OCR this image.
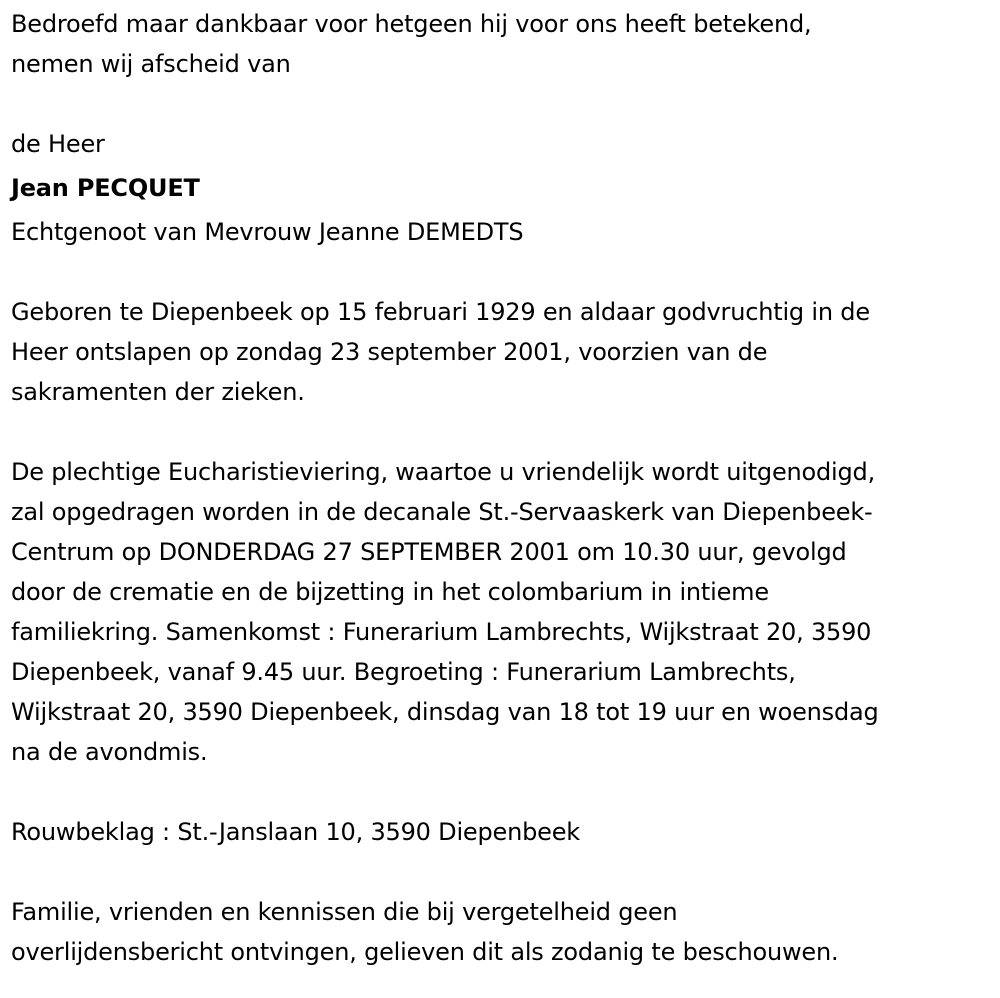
Bedroefd maar dankbaar voor hetgeen hij voor ons heeft betekend,
nemen wij afscheid van
de Heer
Jean PECQUET
Echtgenoot van Mevrouw Jeanne DEMEDTS
Geboren te Diepenbeek op 15 februari 1929 en aldaar godvruchtig in de
Heer ontslapen op zondag 23 september 2001, voorzien van de
sakramenten der zieken.
De plechtige Eucharistieviering, waartoe u vriendelijk wordt uitgenodigd,
zal opgedragen worden in de decanale St.-Servaaskerk van Diepenbeek-
Centrum op DONDERDAG 27 SEPTEMBER 2001 om 10.30 uur, gevolgd
door de crematie en de bijzetting in het colombarium in intieme
familiekring. Samenkomst : Funerarium Lambrechts, Wijkstraat 20, 3590
Diepenbeek, vanaf 9.45 uur. Begroeting : Funerarium Lambrechts,
Wijkstraat 20, 3590 Diepenbeek, dinsdag van 18 tot 19 uur en woensdag
na de avondmis.
Rouwbeklag : St.-Janslaan 10, 3590 Diepenbeek
Familie, vrienden en kennissen die bij vergetelheid geen
overlijdensbericht ontvingen, gelieven dit als zodanig te beschouwen.
